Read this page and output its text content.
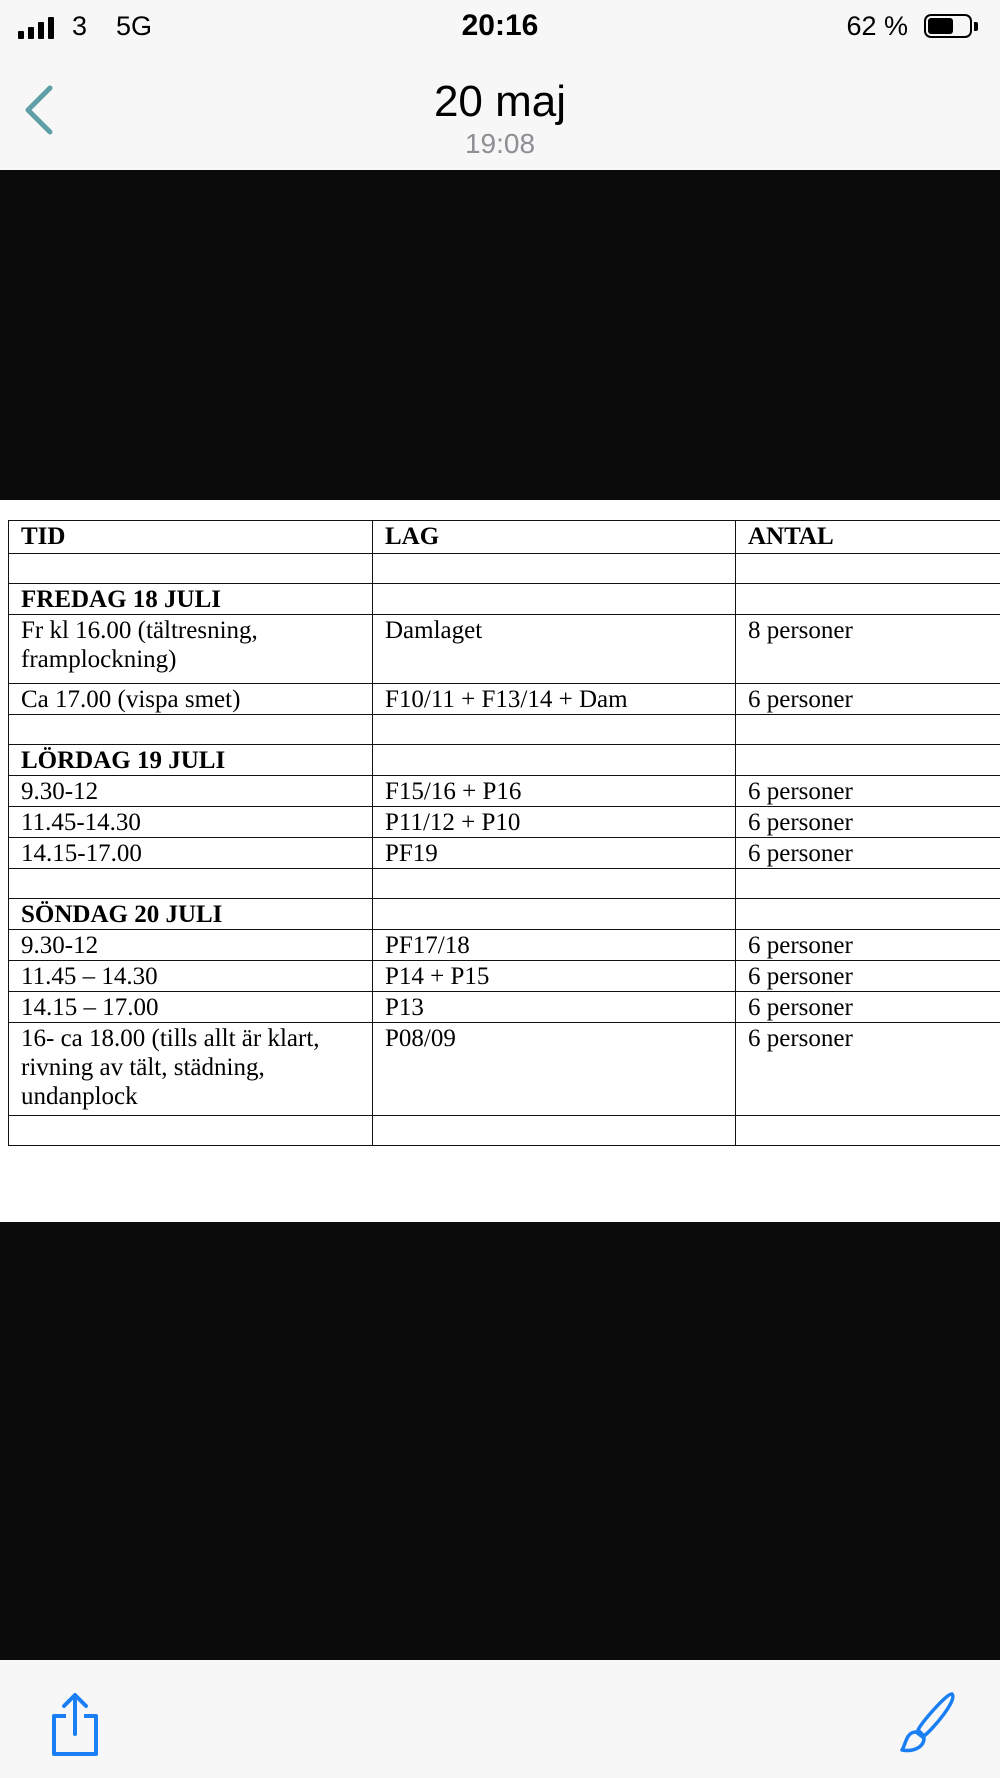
3 5G	20:16	62 %
20 maj
19:08
TID	LAG	ANTAL

FREDAG 18 JULI		
Fr kl 16.00 (tältresning, framplockning)	Damlaget	8 personer
Ca 17.00 (vispa smet)	F10/11 + F13/14 + Dam	6 personer

LÖRDAG 19 JULI		
9.30-12	F15/16 + P16	6 personer
11.45-14.30	P11/12 + P10	6 personer
14.15-17.00	PF19	6 personer

SÖNDAG 20 JULI		
9.30-12	PF17/18	6 personer
11.45 – 14.30	P14 + P15	6 personer
14.15 – 17.00	P13	6 personer
16- ca 18.00 (tills allt är klart, rivning av tält, städning, undanplock	P08/09	6 personer
